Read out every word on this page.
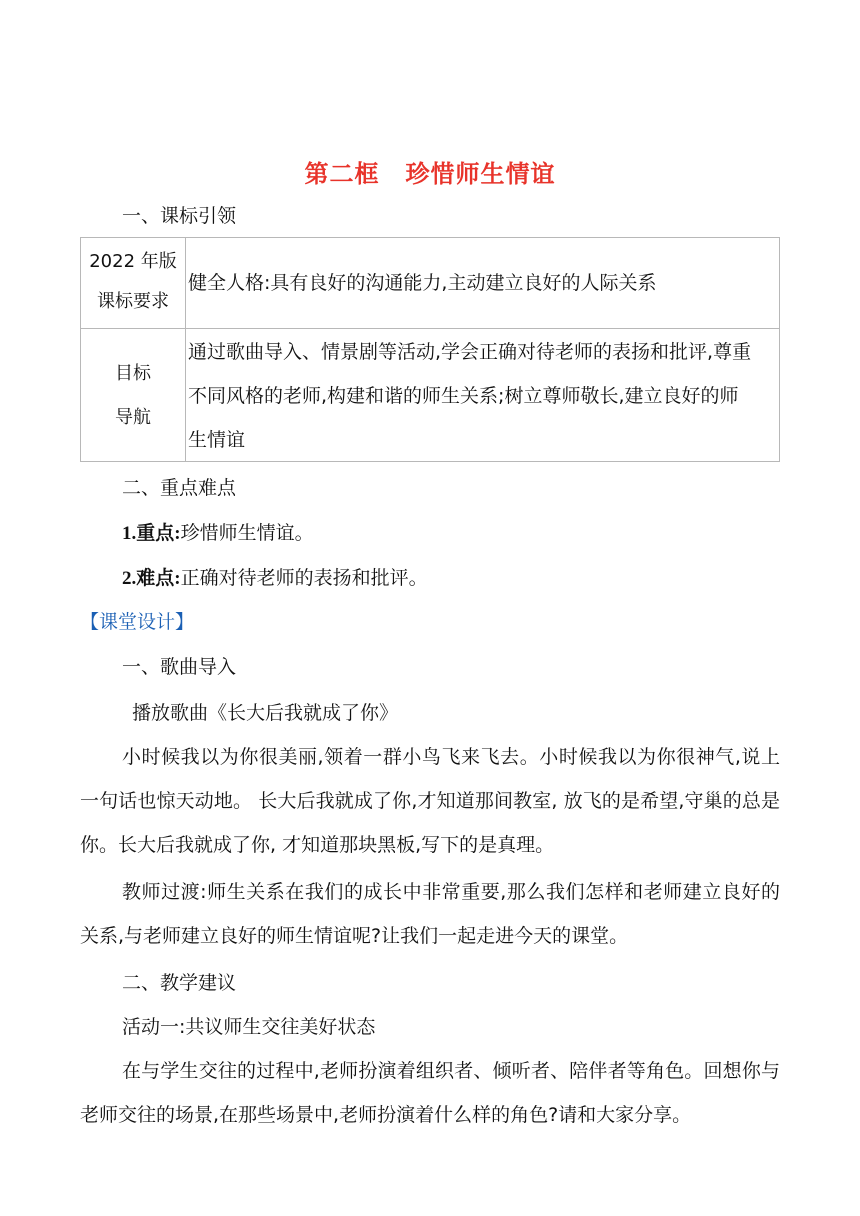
第二框 珍惜师生情谊
一、课标引领
2022 年版
课标要求
健全人格:具有良好的沟通能力,主动建立良好的人际关系
目标
导航
通过歌曲导入、情景剧等活动,学会正确对待老师的表扬和批评,尊重
不同风格的老师,构建和谐的师生关系;树立尊师敬长,建立良好的师
生情谊
二、重点难点
1.重点:珍惜师生情谊。
2.难点:正确对待老师的表扬和批评。
【课堂设计】
一、歌曲导入
播放歌曲《长大后我就成了你》
小时候我以为你很美丽,领着一群小鸟飞来飞去。小时候我以为你很神气,说上一句话也惊天动地。 长大后我就成了你,才知道那间教室, 放飞的是希望,守巢的总是你。长大后我就成了你, 才知道那块黑板,写下的是真理。
教师过渡:师生关系在我们的成长中非常重要,那么我们怎样和老师建立良好的关系,与老师建立良好的师生情谊呢?让我们一起走进今天的课堂。
二、教学建议
活动一:共议师生交往美好状态
在与学生交往的过程中,老师扮演着组织者、倾听者、陪伴者等角色。回想你与老师交往的场景,在那些场景中,老师扮演着什么样的角色?请和大家分享。
